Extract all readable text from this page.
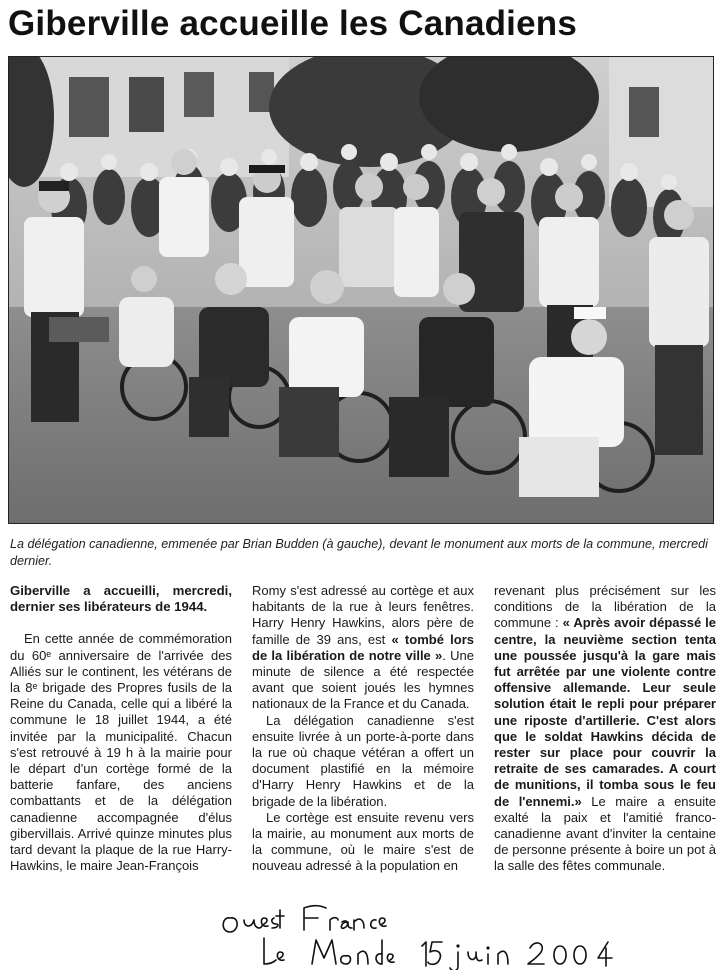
Giberville accueille les Canadiens
La délégation canadienne, emmenée par Brian Budden (à gauche), devant le monument aux morts de la commune, mercredi dernier.

Giberville a accueilli, mercredi, dernier ses libérateurs de 1944.

En cette année de commémoration du 60ᵉ anniversaire de l'arrivée des Alliés sur le continent, les vétérans de la 8ᵉ brigade des Propres fusils de la Reine du Canada, celle qui a libéré la commune le 18 juillet 1944, a été invitée par la municipalité. Chacun s'est retrouvé à 19 h à la mairie pour le départ d'un cortège formé de la batterie fanfare, des anciens combattants et de la délégation canadienne accompagnée d'élus gibervillais. Arrivé quinze minutes plus tard devant la plaque de la rue Harry-Hawkins, le maire Jean-François

Romy s'est adressé au cortège et aux habitants de la rue à leurs fenêtres. Harry Henry Hawkins, alors père de famille de 39 ans, est « tombé lors de la libération de notre ville ». Une minute de silence a été respectée avant que soient joués les hymnes nationaux de la France et du Canada.

La délégation canadienne s'est ensuite livrée à un porte-à-porte dans la rue où chaque vétéran a offert un document plastifié en la mémoire d'Harry Henry Hawkins et de la brigade de la libération.

Le cortège est ensuite revenu vers la mairie, au monument aux morts de la commune, où le maire s'est de nouveau adressé à la population en

revenant plus précisément sur les conditions de la libération de la commune : « Après avoir dépassé le centre, la neuvième section tenta une poussée jusqu'à la gare mais fut arrêtée par une violente contre offensive allemande. Leur seule solution était le repli pour préparer une riposte d'artillerie. C'est alors que le soldat Hawkins décida de rester sur place pour couvrir la retraite de ses camarades. A court de munitions, il tomba sous le feu de l'ennemi.» Le maire a ensuite exalté la paix et l'amitié franco-canadienne avant d'inviter la centaine de personne présente à boire un pot à la salle des fêtes communale.
